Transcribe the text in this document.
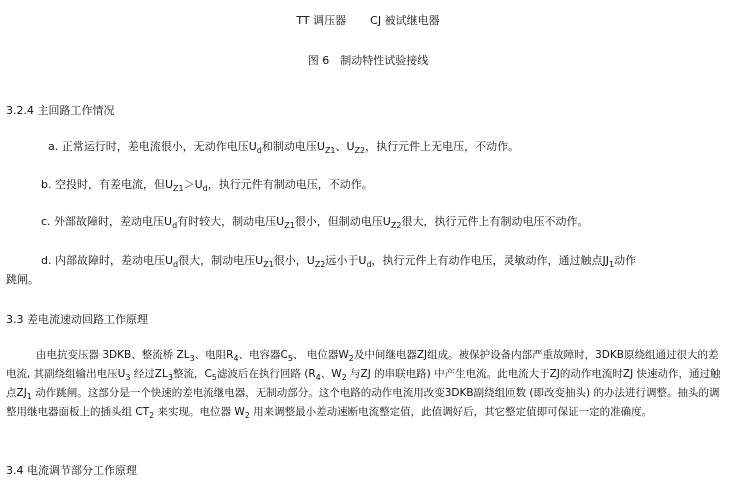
TT 调压器 CJ 被试继电器
图 6　制动特性试验接线
3.2.4 主回路工作情况
a. 正常运行时，差电流很小，无动作电压$U_d$和制动电压$U_{Z1}$、$U_{Z2}$，执行元件上无电压，不动作。
b. 空投时，有差电流，但$U_{Z1}>U_d$，执行元件有制动电压，不动作。
c. 外部故障时，差动电压$U_d$有时较大，制动电压$U_{Z1}$很小，但制动电压$U_{Z2}$很大，执行元件上有制动电压不动作。
d. 内部故障时，差动电压$U_d$很大，制动电压$U_{Z1}$很小，$U_{Z2}$远小于$U_d$，执行元件上有动作电压，灵敏动作，通过触点$JJ_1$动作
跳闸。
3.3 差电流速动回路工作原理
由电抗变压器 3DKB、整流桥 $ZL_3$、电阻$R_4$、电容器$C_5$、 电位器$W_2$及中间继电器ZJ组成。被保护设备内部严重故障时，3DKB原绕组通过很大的差电流, 其副绕组输出电压$U_3$ 经过$ZL_3$整流，$C_5$滤波后在执行回路 ($R_4$、$W_2$ 与ZJ 的串联电路) 中产生电流。此电流大于ZJ的动作电流时ZJ 快速动作，通过触点$ZJ_1$ 动作跳闸。这部分是一个快速的差电流继电器，无制动部分。这个电路的动作电流用改变3DKB副绕组匝数 (即改变抽头) 的办法进行调整。抽头的调整用继电器面板上的插头组 $CT_2$ 来实现。电位器 $W_2$ 用来调整最小差动速断电流整定值，此值调好后，其它整定值即可保证一定的准确度。
3.4 电流调节部分工作原理
